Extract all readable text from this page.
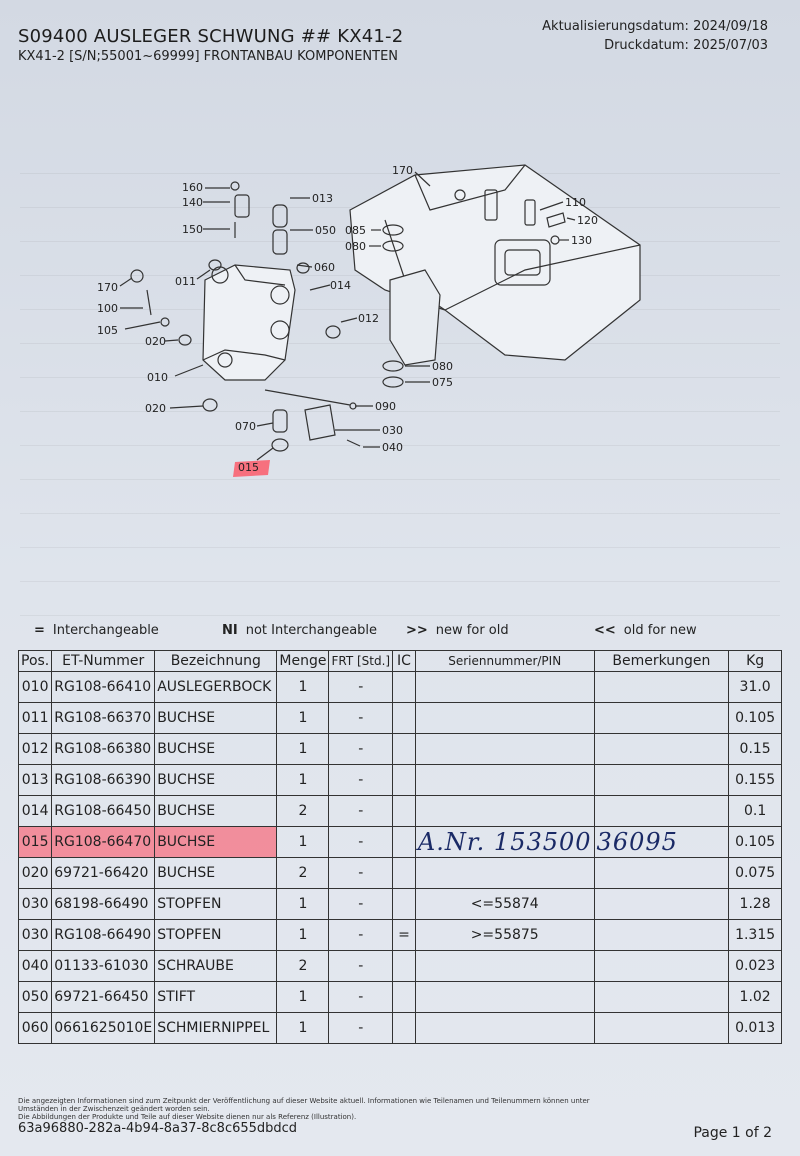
S09400 AUSLEGER SCHWUNG ## KX41-2
KX41-2 [S/N;55001~69999] FRONTANBAU KOMPONENTEN
Aktualisierungsdatum: 2024/09/18
Druckdatum: 2025/07/03
160
140
150
011
170
100
105
020
010
020
070
015
013
050
060
014
012
170
085
080
110
120
130
080
075
090
030
040
= Interchangeable	NI not Interchangeable >> new for old	<< old for new
Pos.	ET-Nummer	Bezeichnung	Menge	FRT [Std.]	IC	Seriennummer/PIN	Bemerkungen	Kg
010	RG108-66410	AUSLEGERBOCK	1	-				31.0
011	RG108-66370	BUCHSE	1	-				0.105
012	RG108-66380	BUCHSE	1	-				0.15
013	RG108-66390	BUCHSE	1	-				0.155
014	RG108-66450	BUCHSE	2	-				0.1
015	RG108-66470	BUCHSE	1	-		A.Nr. 153500	36095	0.105
020	69721-66420	BUCHSE	2	-				0.075
030	68198-66490	STOPFEN	1	-		<=55874		1.28
030	RG108-66490	STOPFEN	1	-	=	>=55875		1.315
040	01133-61030	SCHRAUBE	2	-				0.023
050	69721-66450	STIFT	1	-				1.02
060	0661625010E	SCHMIERNIPPEL	1	-				0.013
Die angezeigten Informationen sind zum Zeitpunkt der Veröffentlichung auf dieser Website aktuell. Informationen wie Teilenamen und Teilenummern können unter
Umständen in der Zwischenzeit geändert worden sein.
Die Abbildungen der Produkte und Teile auf dieser Website dienen nur als Referenz (Illustration).
63a96880-282a-4b94-8a37-8c8c655dbdcd	Page 1 of 2
